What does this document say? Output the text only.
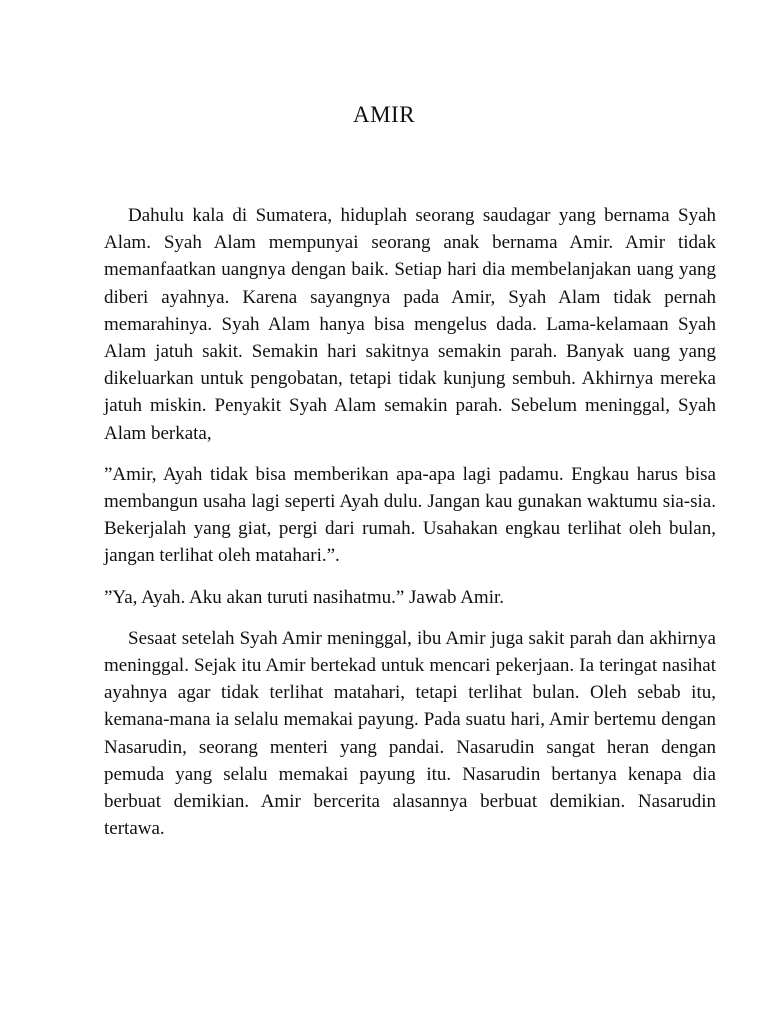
AMIR

Dahulu kala di Sumatera, hiduplah seorang saudagar yang bernama Syah Alam. Syah Alam mempunyai seorang anak bernama Amir. Amir tidak memanfaatkan uangnya dengan baik. Setiap hari dia membelanjakan uang yang diberi ayahnya. Karena sayangnya pada Amir, Syah Alam tidak pernah memarahinya. Syah Alam hanya bisa mengelus dada. Lama-kelamaan Syah Alam jatuh sakit. Semakin hari sakitnya semakin parah. Banyak uang yang dikeluarkan untuk pengobatan, tetapi tidak kunjung sembuh. Akhirnya mereka jatuh miskin. Penyakit Syah Alam semakin parah. Sebelum meninggal, Syah Alam berkata,

”Amir, Ayah tidak bisa memberikan apa-apa lagi padamu. Engkau harus bisa membangun usaha lagi seperti Ayah dulu. Jangan kau gunakan waktumu sia-sia. Bekerjalah yang giat, pergi dari rumah. Usahakan engkau terlihat oleh bulan, jangan terlihat oleh matahari.”.

”Ya, Ayah. Aku akan turuti nasihatmu.” Jawab Amir.

Sesaat setelah Syah Amir meninggal, ibu Amir juga sakit parah dan akhirnya meninggal. Sejak itu Amir bertekad untuk mencari pekerjaan. Ia teringat nasihat ayahnya agar tidak terlihat matahari, tetapi terlihat bulan. Oleh sebab itu, kemana-mana ia selalu memakai payung. Pada suatu hari, Amir bertemu dengan Nasarudin, seorang menteri yang pandai. Nasarudin sangat heran dengan pemuda yang selalu memakai payung itu. Nasarudin bertanya kenapa dia berbuat demikian. Amir bercerita alasannya berbuat demikian. Nasarudin tertawa.
